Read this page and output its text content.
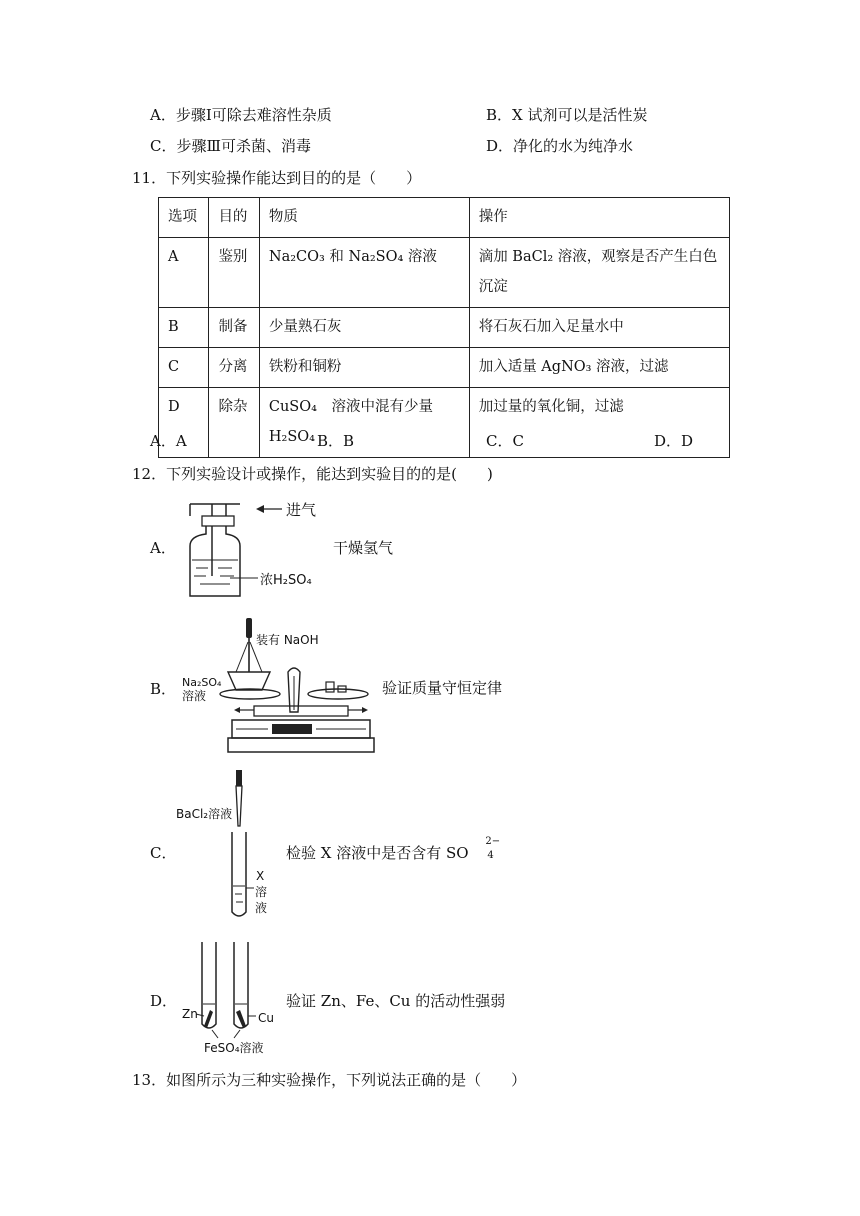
A．步骤Ⅰ可除去难溶性杂质	B．X 试剂可以是活性炭
C．步骤Ⅲ可杀菌、消毒	D．净化的水为纯净水
11．下列实验操作能达到目的的是（　　）
选项	目的	物质	操作
A	鉴别	Na₂CO₃ 和 Na₂SO₄ 溶液	滴加 BaCl₂ 溶液，观察是否产生白色沉淀
B	制备	少量熟石灰	将石灰石加入足量水中
C	分离	铁粉和铜粉	加入适量 AgNO₃ 溶液，过滤
D	除杂	CuSO₄　溶液中混有少量 H₂SO₄	加过量的氧化铜，过滤
A．A	B．B	C．C	D．D
12．下列实验设计或操作，能达到实验目的的是(　　)
A．
进气
浓H₂SO₄
干燥氢气
B．
装有 NaOH
Na₂SO₄
溶液	验证质量守恒定律
C．
BaCl₂溶液
X
溶
液
检验 X 溶液中是否含有 SO
2−
4
D．
Zn	Cu
FeSO₄溶液
验证 Zn、Fe、Cu 的活动性强弱
13．如图所示为三种实验操作，下列说法正确的是（　　）
